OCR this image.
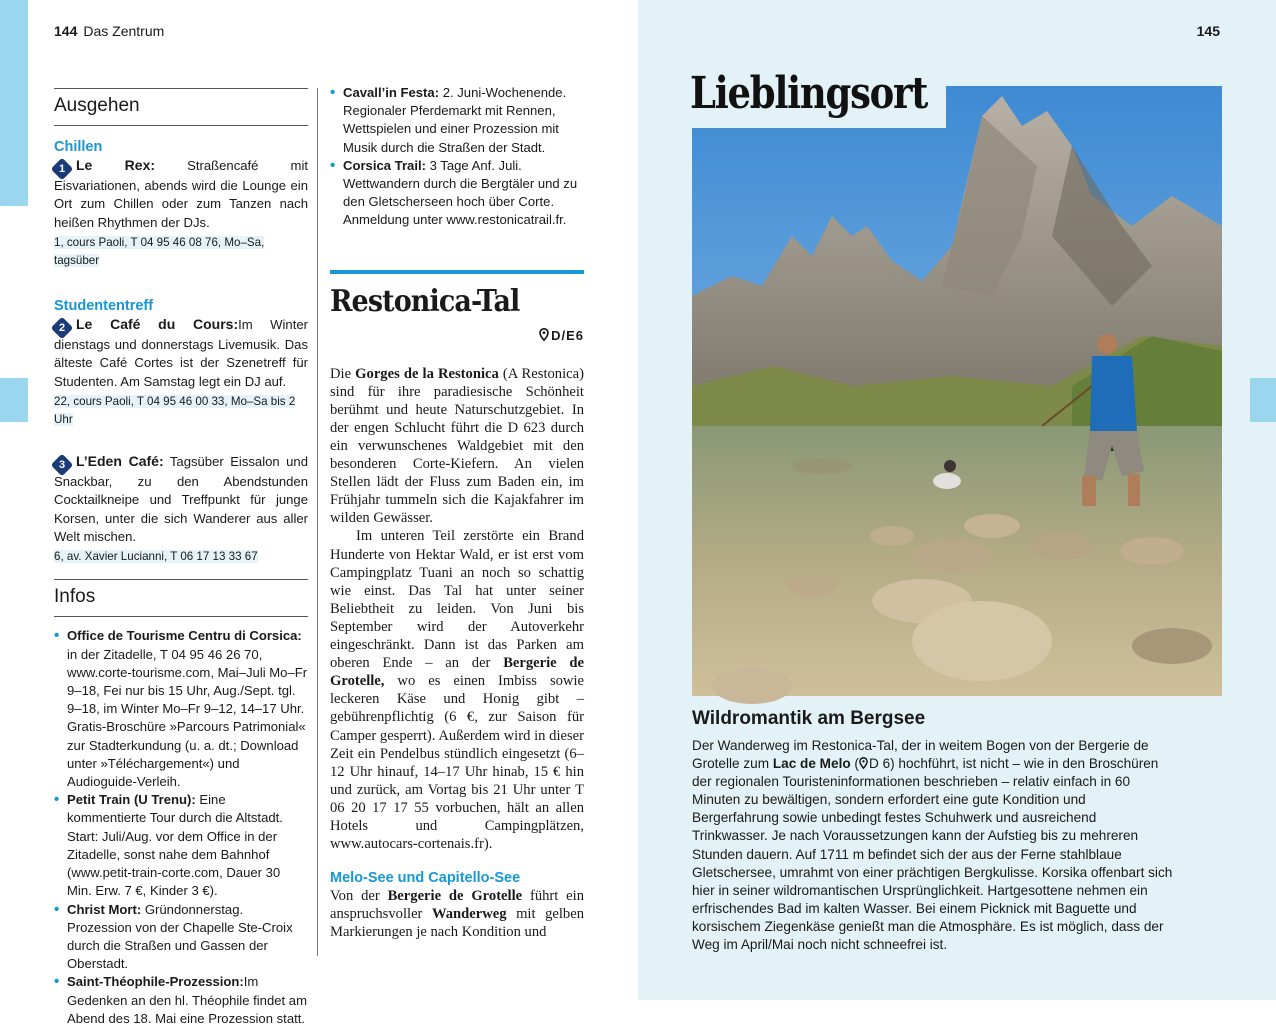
144 Das Zentrum
Ausgehen
Chillen
1 Le Rex: Straßencafé mit Eisvariationen, abends wird die Lounge ein Ort zum Chillen oder zum Tanzen nach heißen Rhythmen der DJs.
1, cours Paoli, T 04 95 46 08 76, Mo–Sa, tagsüber
Studententreff
2 Le Café du Cours:Im Winter dienstags und donnerstags Livemusik. Das älteste Café Cortes ist der Szenetreff für Studenten. Am Samstag legt ein DJ auf.
22, cours Paoli, T 04 95 46 00 33, Mo–Sa bis 2 Uhr
3 L’Eden Café: Tagsüber Eissalon und Snackbar, zu den Abendstunden Cocktailkneipe und Treffpunkt für junge Korsen, unter die sich Wanderer aus aller Welt mischen.
6, av. Xavier Lucianni, T 06 17 13 33 67
Infos
• Office de Tourisme Centru di Corsica: in der Zitadelle, T 04 95 46 26 70, www.corte-tourisme.com, Mai–Juli Mo–Fr 9–18, Fei nur bis 15 Uhr, Aug./Sept. tgl. 9–18, im Winter Mo–Fr 9–12, 14–17 Uhr. Gratis-Broschüre »Parcours Patrimonial« zur Stadterkundung (u. a. dt.; Download unter »Téléchargement«) und Audioguide-Verleih.
• Petit Train (U Trenu): Eine kommentierte Tour durch die Altstadt. Start: Juli/Aug. vor dem Office in der Zitadelle, sonst nahe dem Bahnhof (www.petit-train-corte.com, Dauer 30 Min. Erw. 7 €, Kinder 3 €).
• Christ Mort: Gründonnerstag. Prozession von der Chapelle Ste-Croix durch die Straßen und Gassen der Oberstadt.
• Saint-Théophile-Prozession:Im Gedenken an den hl. Théophile findet am Abend des 18. Mai eine Prozession statt.
• Cavall’in Festa: 2. Juni-Wochenende. Regionaler Pferdemarkt mit Rennen, Wettspielen und einer Prozession mit Musik durch die Straßen der Stadt.
• Corsica Trail: 3 Tage Anf. Juli. Wettwandern durch die Bergtäler und zu den Gletscherseen hoch über Corte. Anmeldung unter www.restonicatrail.fr.
Restonica-Tal
D/E6

Die Gorges de la Restonica (A Restonica) sind für ihre paradiesische Schönheit berühmt und heute Naturschutzgebiet. In der engen Schlucht führt die D 623 durch ein verwunschenes Waldgebiet mit den besonderen Corte-Kiefern. An vielen Stellen lädt der Fluss zum Baden ein, im Frühjahr tummeln sich die Kajakfahrer im wilden Gewässer.

Im unteren Teil zerstörte ein Brand Hunderte von Hektar Wald, er ist erst vom Campingplatz Tuani an noch so schattig wie einst. Das Tal hat unter seiner Beliebtheit zu leiden. Von Juni bis September wird der Autoverkehr eingeschränkt. Dann ist das Parken am oberen Ende – an der Bergerie de Grotelle, wo es einen Imbiss sowie leckeren Käse und Honig gibt – gebührenpflichtig (6 €, zur Saison für Camper gesperrt). Außerdem wird in dieser Zeit ein Pendelbus stündlich eingesetzt (6–12 Uhr hinauf, 14–17 Uhr hinab, 15 € hin und zurück, am Vortag bis 21 Uhr unter T 06 20 17 17 55 vorbuchen, hält an allen Hotels und Campingplätzen, www.autocars-cortenais.fr).

Melo-See und Capitello-See

Von der Bergerie de Grotelle führt ein anspruchsvoller Wanderweg mit gelben Markierungen je nach Kondition und

145
Lieblingsort
Wildromantik am Bergsee

Der Wanderweg im Restonica-Tal, der in weitem Bogen von der Bergerie de Grotelle zum Lac de Melo ( D 6) hochführt, ist nicht – wie in den Broschüren der regionalen Touristeninformationen beschrieben – relativ einfach in 60 Minuten zu bewältigen, sondern erfordert eine gute Kondition und Bergerfahrung sowie unbedingt festes Schuhwerk und ausreichend Trinkwasser. Je nach Voraussetzungen kann der Aufstieg bis zu mehreren Stunden dauern. Auf 1711 m befindet sich der aus der Ferne stahlblaue Gletschersee, umrahmt von einer prächtigen Bergkulisse. Korsika offenbart sich hier in seiner wildromantischen Ursprünglichkeit. Hartgesottene nehmen ein erfrischendes Bad im kalten Wasser. Bei einem Picknick mit Baguette und korsischem Ziegenkäse genießt man die Atmosphäre. Es ist möglich, dass der Weg im April/Mai noch nicht schneefrei ist.
